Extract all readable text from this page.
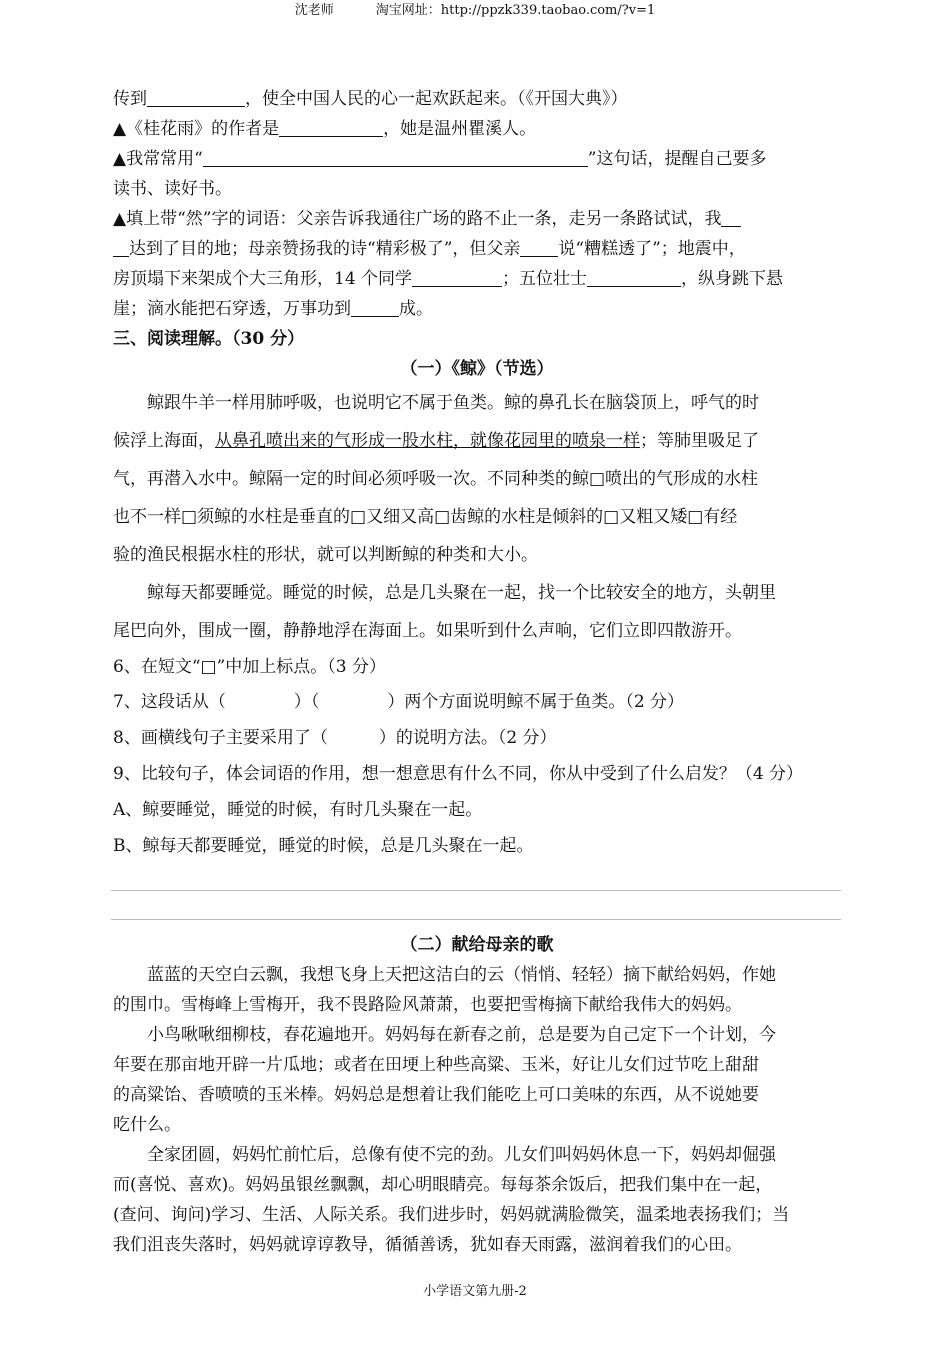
沈老师	淘宝网址：http://ppzk339.taobao.com/?v=1
传到	，使全中国人民的心一起欢跃起来。（《开国大典》）
▲《桂花雨》的作者是	，她是温州瞿溪人。
▲我常常用“	”这句话，提醒自己要多
读书、读好书。
▲填上带“然”字的词语：父亲告诉我通往广场的路不止一条，走另一条路试试，我
达到了目的地；母亲赞扬我的诗“精彩极了”，但父亲 说“糟糕透了”；地震中，
房顶塌下来架成个大三角形，14 个同学	；五位壮士	，纵身跳下悬
崖；滴水能把石穿透，万事功到	成。
三、阅读理解。（30 分）
（一）《鲸》（节选）
鲸跟牛羊一样用肺呼吸，也说明它不属于鱼类。鲸的鼻孔长在脑袋顶上，呼气的时
候浮上海面，从鼻孔喷出来的气形成一股水柱，就像花园里的喷泉一样；等肺里吸足了
气，再潜入水中。鲸隔一定的时间必须呼吸一次。不同种类的鲸□喷出的气形成的水柱
也不一样□须鲸的水柱是垂直的□又细又高□齿鲸的水柱是倾斜的□又粗又矮□有经
验的渔民根据水柱的形状，就可以判断鲸的种类和大小。
鲸每天都要睡觉。睡觉的时候，总是几头聚在一起，找一个比较安全的地方，头朝里
尾巴向外，围成一圈，静静地浮在海面上。如果听到什么声响，它们立即四散游开。
6、在短文“□”中加上标点。（3 分）
7、这段话从（　　　　）（　　　　）两个方面说明鲸不属于鱼类。（2 分）
8、画横线句子主要采用了（　　　）的说明方法。（2 分）
9、比较句子，体会词语的作用，想一想意思有什么不同，你从中受到了什么启发？（4 分）
A、鲸要睡觉，睡觉的时候，有时几头聚在一起。
B、鲸每天都要睡觉，睡觉的时候，总是几头聚在一起。
（二）献给母亲的歌
蓝蓝的天空白云飘，我想飞身上天把这洁白的云（悄悄、轻轻）摘下献给妈妈，作她
的围巾。雪梅峰上雪梅开，我不畏路险风萧萧，也要把雪梅摘下献给我伟大的妈妈。
小鸟啾啾细柳枝，春花遍地开。妈妈每在新春之前，总是要为自己定下一个计划，今
年要在那亩地开辟一片瓜地；或者在田埂上种些高粱、玉米，好让儿女们过节吃上甜甜
的高粱饴、香喷喷的玉米棒。妈妈总是想着让我们能吃上可口美味的东西，从不说她要
吃什么。
全家团圆，妈妈忙前忙后，总像有使不完的劲。儿女们叫妈妈休息一下，妈妈却倔强
而(喜悦、喜欢)。妈妈虽银丝飘飘，却心明眼睛亮。每每茶余饭后，把我们集中在一起，
(查问、询问)学习、生活、人际关系。我们进步时，妈妈就满脸微笑，温柔地表扬我们；当
我们沮丧失落时，妈妈就谆谆教导，循循善诱，犹如春天雨露，滋润着我们的心田。
小学语文第九册-2
